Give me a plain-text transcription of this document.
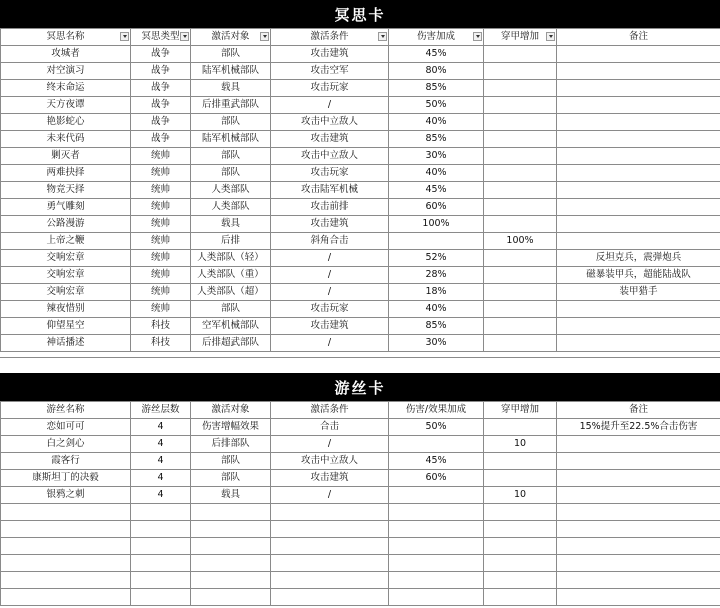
冥思卡
冥思名称	冥思类型	激活对象	激活条件	伤害加成	穿甲增加	备注
攻城者	战争	部队	攻击建筑	45%		
对空演习	战争	陆军机械部队	攻击空军	80%		
终末命运	战争	载具	攻击玩家	85%		
天方夜谭	战争	后排重武部队	/	50%		
艳影蛇心	战争	部队	攻击中立敌人	40%		
未来代码	战争	陆军机械部队	攻击建筑	85%		
剿灭者	统帅	部队	攻击中立敌人	30%		
两难抉择	统帅	部队	攻击玩家	40%		
物竞天择	统帅	人类部队	攻击陆军机械	45%		
勇气雕刻	统帅	人类部队	攻击前排	60%		
公路漫游	统帅	载具	攻击建筑	100%		
上帝之鞭	统帅	后排	斜角合击		100%	
交响宏章	统帅	人类部队（轻）	/	52%		反坦克兵，震弹炮兵
交响宏章	统帅	人类部队（重）	/	28%		磁暴装甲兵，超能陆战队
交响宏章	统帅	人类部队（超）	/	18%		装甲猎手
辣夜惜别	统帅	部队	攻击玩家	40%		
仰望星空	科技	空军机械部队	攻击建筑	85%		
神话播述	科技	后排超武部队	/	30%		
游丝卡
游丝名称	游丝层数	激活对象	激活条件	伤害/效果加成	穿甲增加	备注
恋如可可	4	伤害增幅效果	合击	50%		15%提升至22.5%合击伤害
白之剑心	4	后排部队	/		10	
霞客行	4	部队	攻击中立敌人	45%		
康斯坦丁的决毅	4	部队	攻击建筑	60%		
银鸦之刺	4	载具	/		10	
